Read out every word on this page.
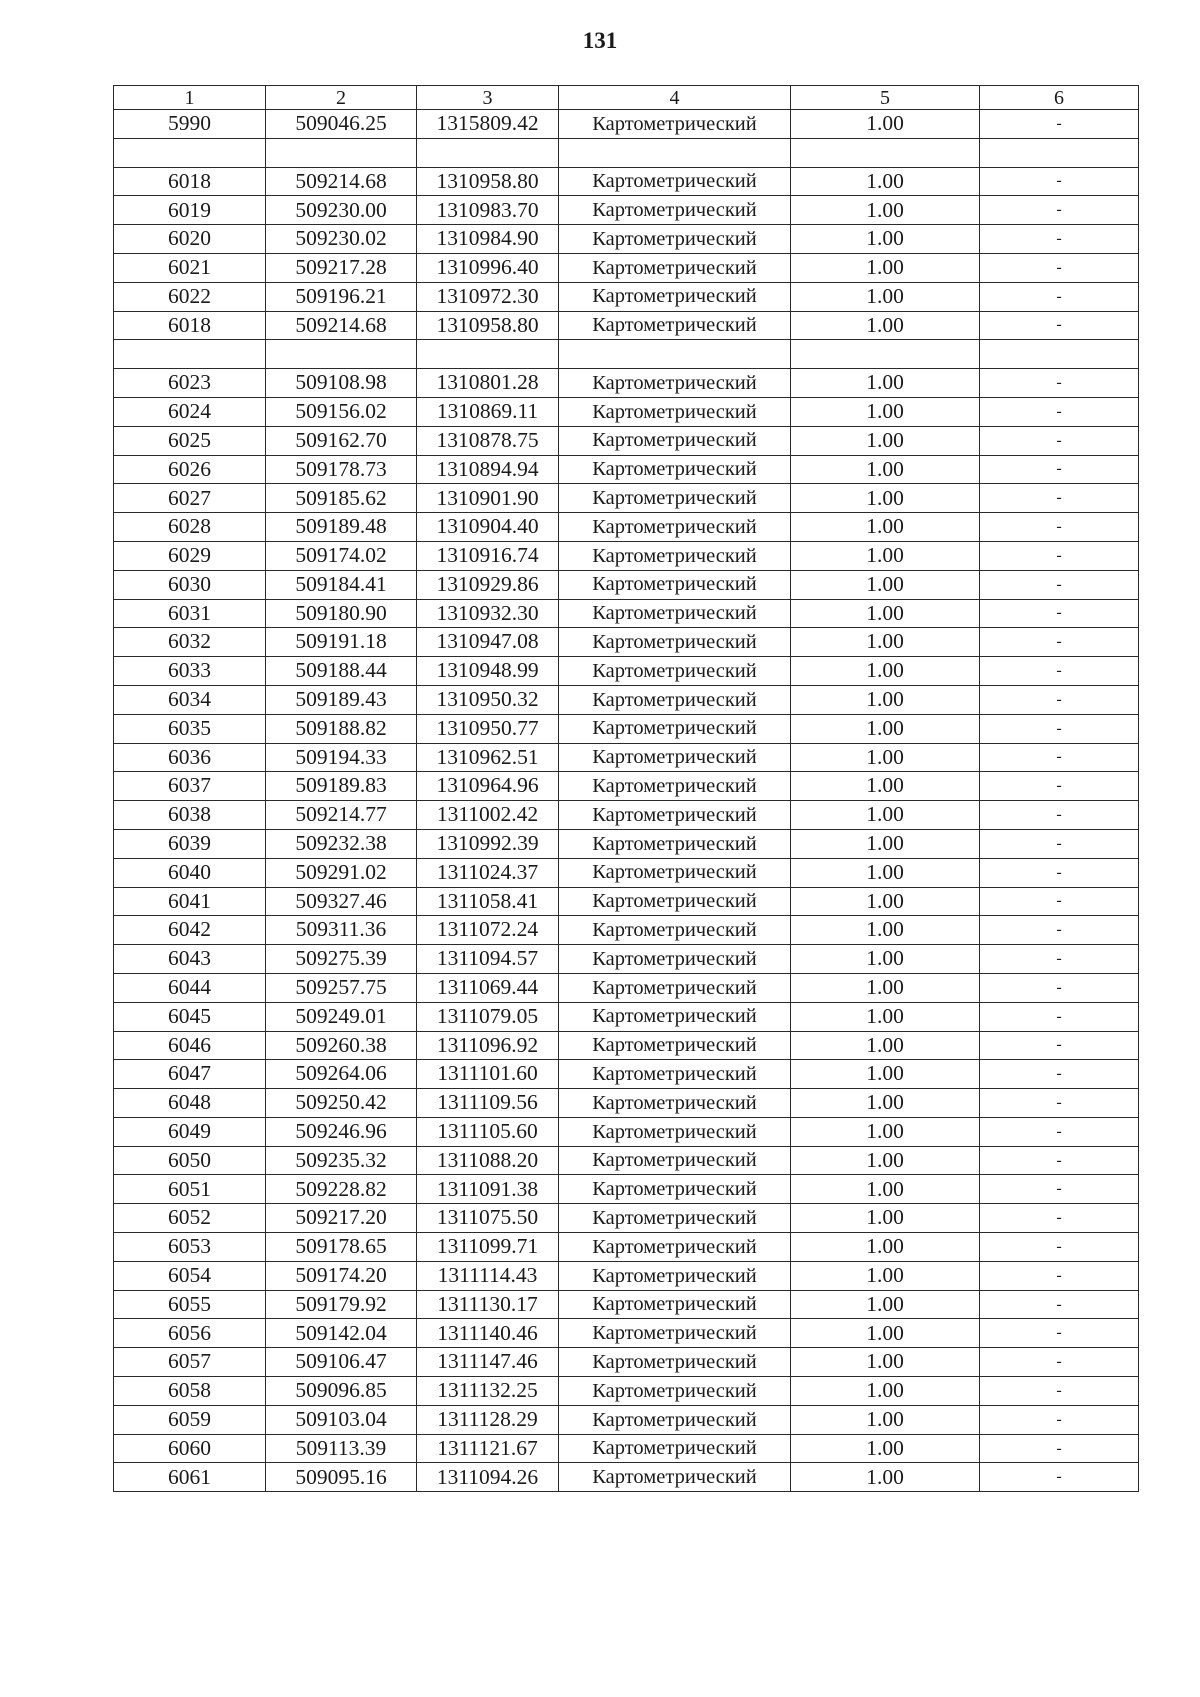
131
1	2	3	4	5	6
5990	509046.25	1315809.42	Картометрический	1.00	-

6018	509214.68	1310958.80	Картометрический	1.00	-
6019	509230.00	1310983.70	Картометрический	1.00	-
6020	509230.02	1310984.90	Картометрический	1.00	-
6021	509217.28	1310996.40	Картометрический	1.00	-
6022	509196.21	1310972.30	Картометрический	1.00	-
6018	509214.68	1310958.80	Картометрический	1.00	-

6023	509108.98	1310801.28	Картометрический	1.00	-
6024	509156.02	1310869.11	Картометрический	1.00	-
6025	509162.70	1310878.75	Картометрический	1.00	-
6026	509178.73	1310894.94	Картометрический	1.00	-
6027	509185.62	1310901.90	Картометрический	1.00	-
6028	509189.48	1310904.40	Картометрический	1.00	-
6029	509174.02	1310916.74	Картометрический	1.00	-
6030	509184.41	1310929.86	Картометрический	1.00	-
6031	509180.90	1310932.30	Картометрический	1.00	-
6032	509191.18	1310947.08	Картометрический	1.00	-
6033	509188.44	1310948.99	Картометрический	1.00	-
6034	509189.43	1310950.32	Картометрический	1.00	-
6035	509188.82	1310950.77	Картометрический	1.00	-
6036	509194.33	1310962.51	Картометрический	1.00	-
6037	509189.83	1310964.96	Картометрический	1.00	-
6038	509214.77	1311002.42	Картометрический	1.00	-
6039	509232.38	1310992.39	Картометрический	1.00	-
6040	509291.02	1311024.37	Картометрический	1.00	-
6041	509327.46	1311058.41	Картометрический	1.00	-
6042	509311.36	1311072.24	Картометрический	1.00	-
6043	509275.39	1311094.57	Картометрический	1.00	-
6044	509257.75	1311069.44	Картометрический	1.00	-
6045	509249.01	1311079.05	Картометрический	1.00	-
6046	509260.38	1311096.92	Картометрический	1.00	-
6047	509264.06	1311101.60	Картометрический	1.00	-
6048	509250.42	1311109.56	Картометрический	1.00	-
6049	509246.96	1311105.60	Картометрический	1.00	-
6050	509235.32	1311088.20	Картометрический	1.00	-
6051	509228.82	1311091.38	Картометрический	1.00	-
6052	509217.20	1311075.50	Картометрический	1.00	-
6053	509178.65	1311099.71	Картометрический	1.00	-
6054	509174.20	1311114.43	Картометрический	1.00	-
6055	509179.92	1311130.17	Картометрический	1.00	-
6056	509142.04	1311140.46	Картометрический	1.00	-
6057	509106.47	1311147.46	Картометрический	1.00	-
6058	509096.85	1311132.25	Картометрический	1.00	-
6059	509103.04	1311128.29	Картометрический	1.00	-
6060	509113.39	1311121.67	Картометрический	1.00	-
6061	509095.16	1311094.26	Картометрический	1.00	-
